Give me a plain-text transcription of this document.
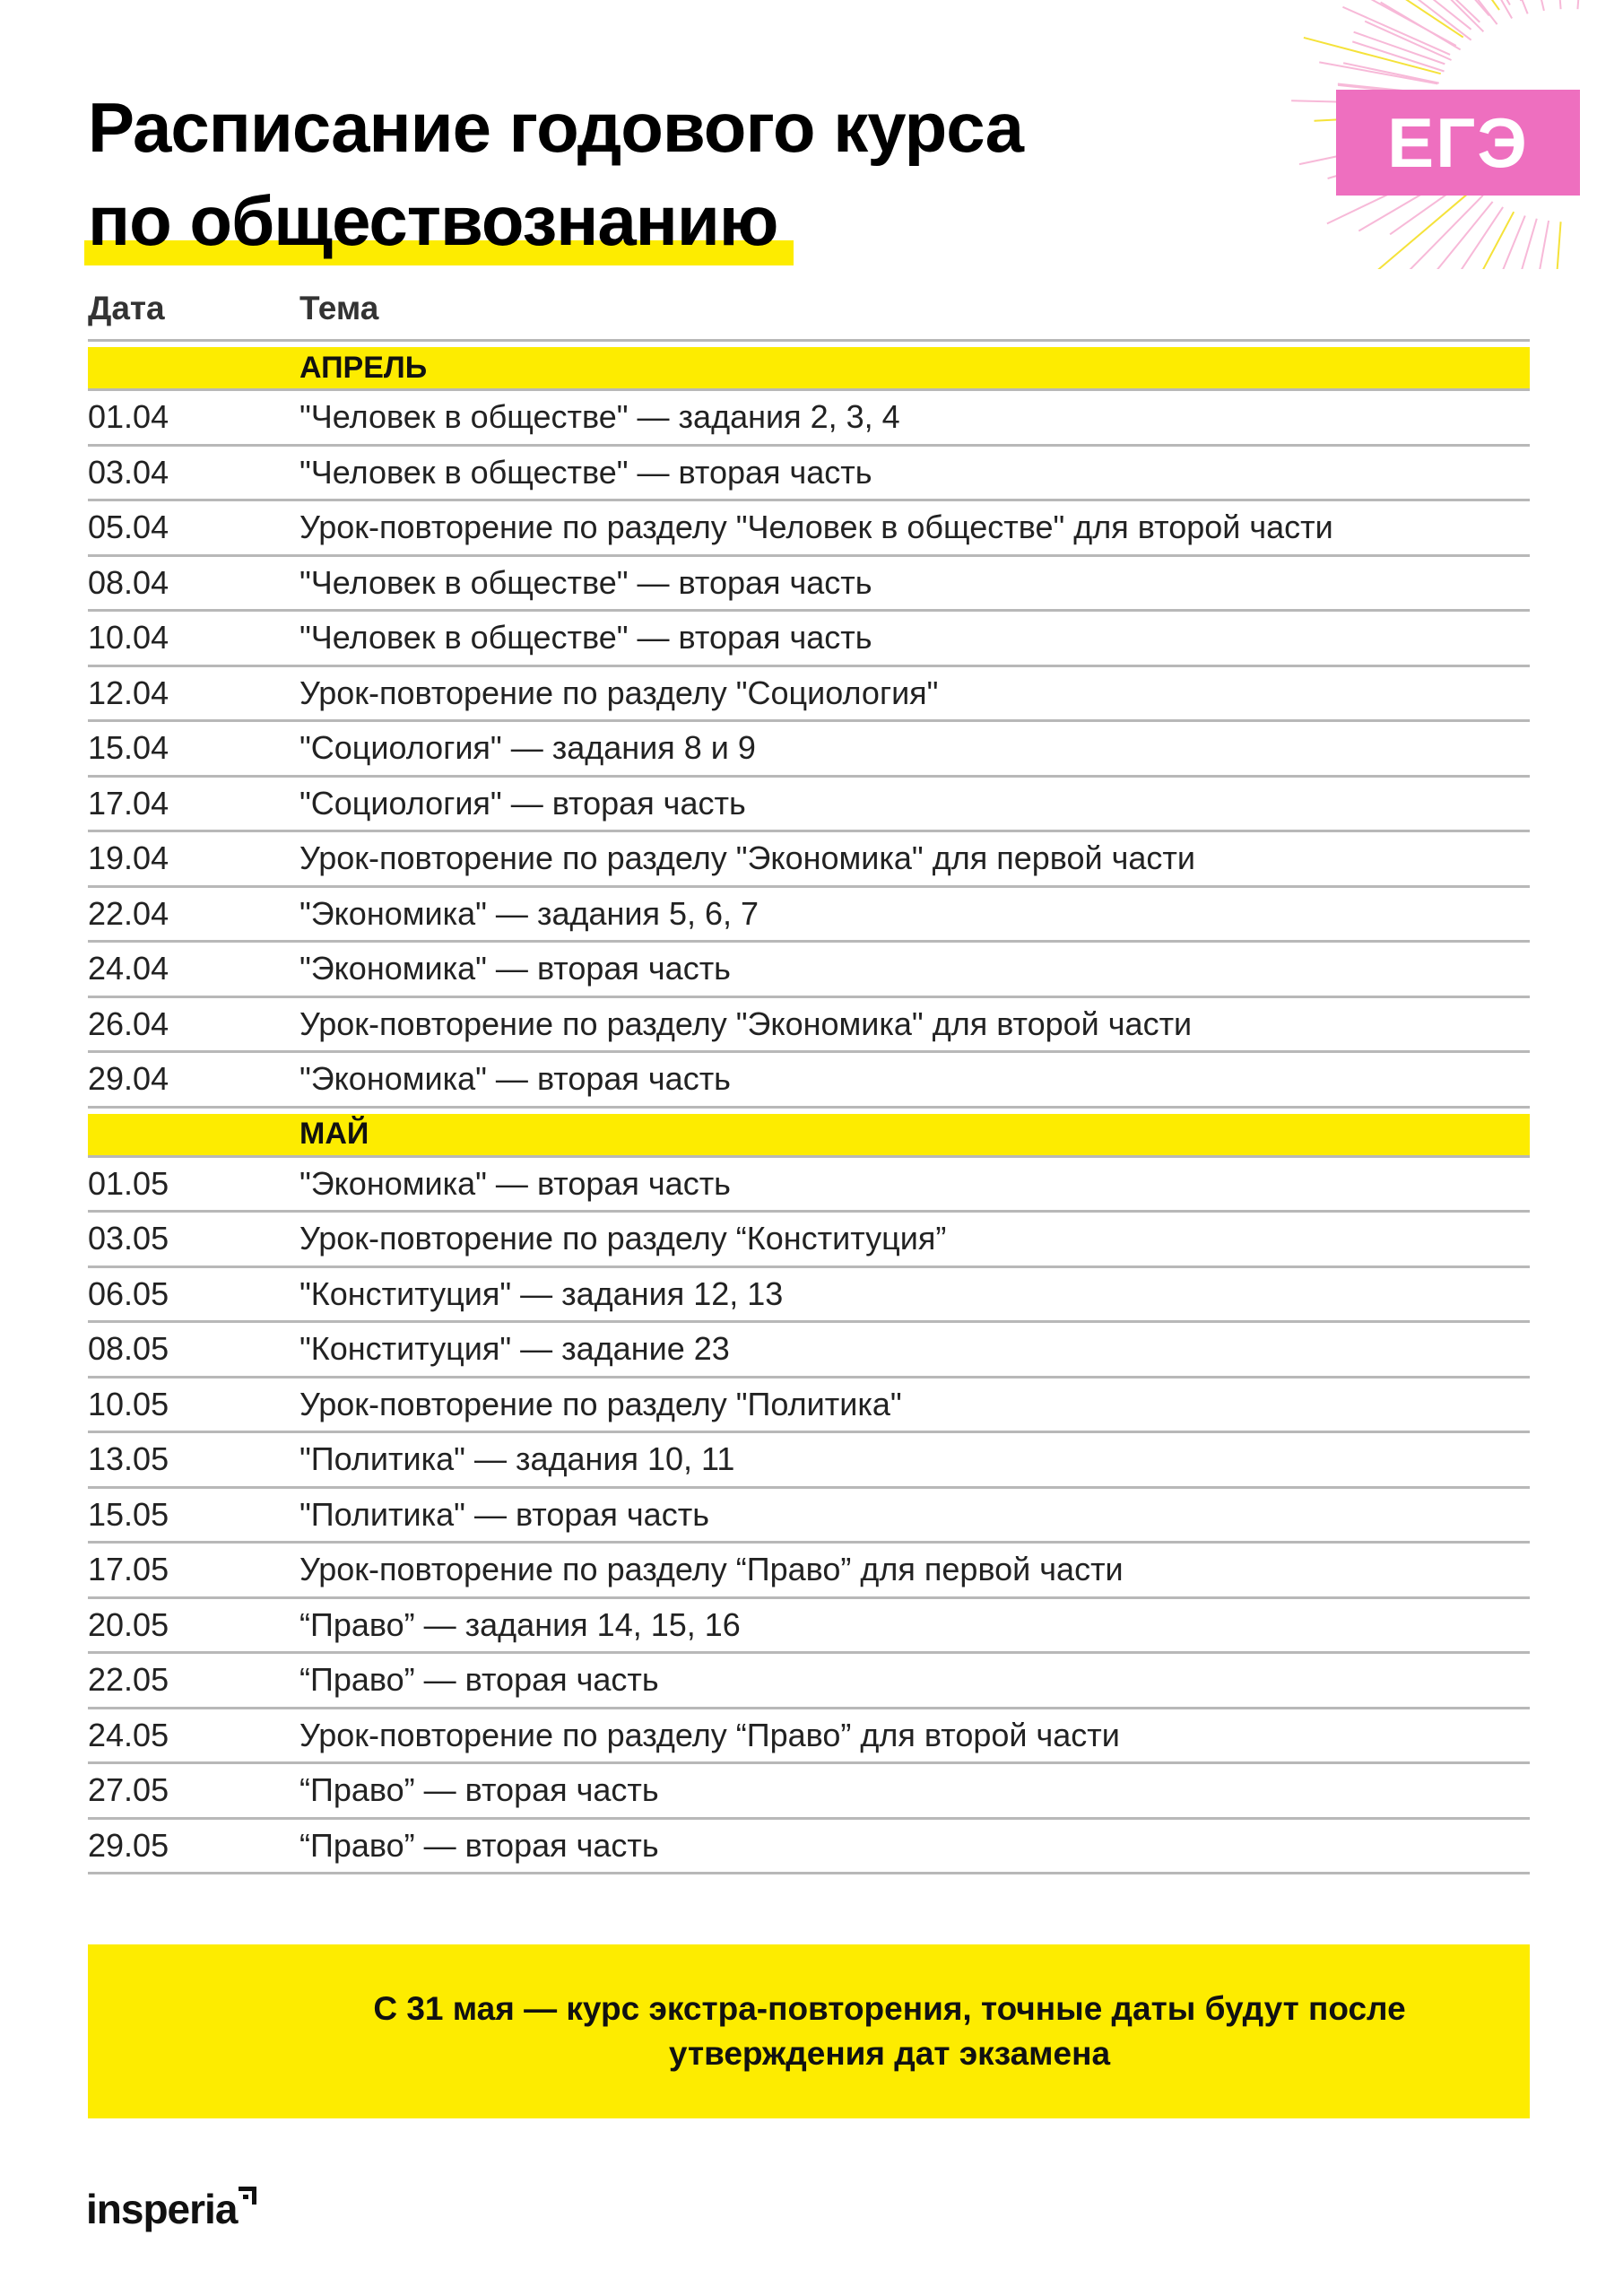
ЕГЭ
Расписание годового курса
по обществознанию
Дата	Тема
АПРЕЛЬ
01.04	"Человек в обществе" — задания 2, 3, 4
03.04	"Человек в обществе" — вторая часть
05.04	Урок-повторение по разделу "Человек в обществе" для второй части
08.04	"Человек в обществе" — вторая часть
10.04	"Человек в обществе" — вторая часть
12.04	Урок-повторение по разделу "Социология"
15.04	"Социология" — задания 8 и 9
17.04	"Социология" — вторая часть
19.04	Урок-повторение по разделу "Экономика" для первой части
22.04	"Экономика" — задания 5, 6, 7
24.04	"Экономика" — вторая часть
26.04	Урок-повторение по разделу "Экономика" для второй части
29.04	"Экономика" — вторая часть
МАЙ
01.05	"Экономика" — вторая часть
03.05	Урок-повторение по разделу “Конституция”
06.05	"Конституция" — задания 12, 13
08.05	"Конституция" — задание 23
10.05	Урок-повторение по разделу "Политика"
13.05	"Политика" — задания 10, 11
15.05	"Политика" — вторая часть
17.05	Урок-повторение по разделу “Право” для первой части
20.05	“Право” — задания 14, 15, 16
22.05	“Право” — вторая часть
24.05	Урок-повторение по разделу “Право” для второй части
27.05	“Право” — вторая часть
29.05	“Право” — вторая часть

С 31 мая — курс экстра-повторения, точные даты будут после утверждения дат экзамена

insperia
